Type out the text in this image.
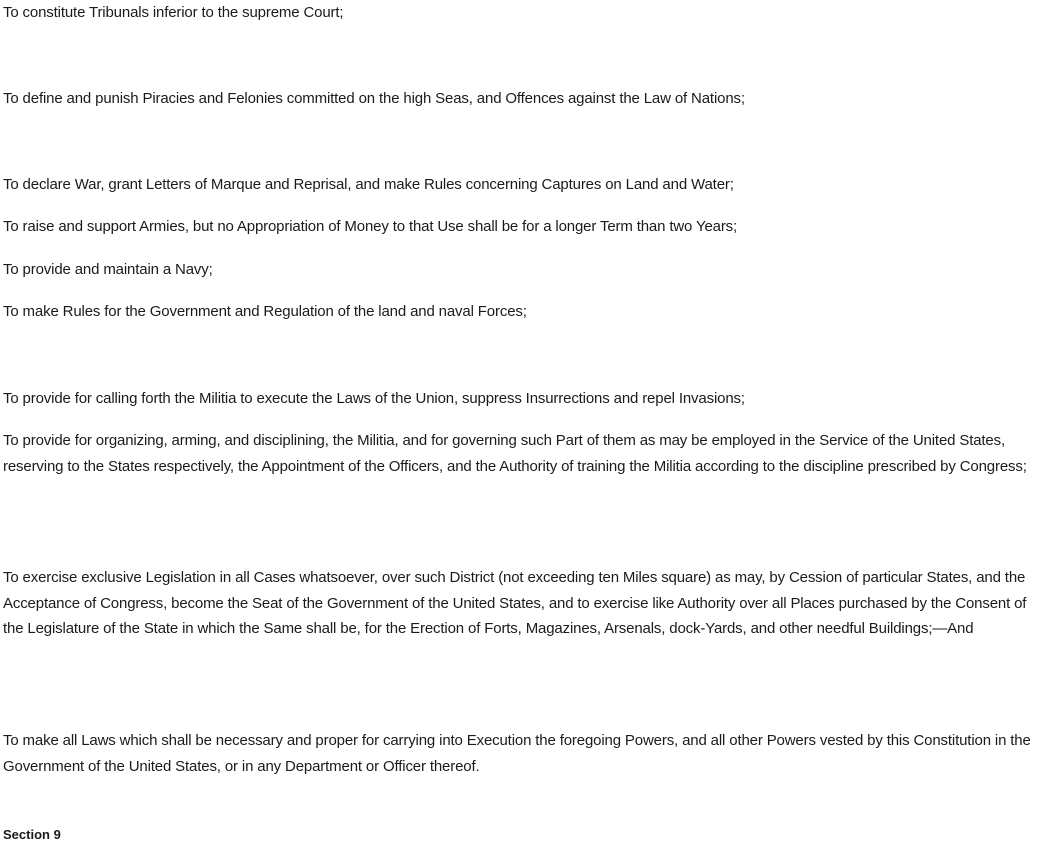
To constitute Tribunals inferior to the supreme Court;

To define and punish Piracies and Felonies committed on the high Seas, and Offences against the Law of Nations;

To declare War, grant Letters of Marque and Reprisal, and make Rules concerning Captures on Land and Water;

To raise and support Armies, but no Appropriation of Money to that Use shall be for a longer Term than two Years;

To provide and maintain a Navy;

To make Rules for the Government and Regulation of the land and naval Forces;

To provide for calling forth the Militia to execute the Laws of the Union, suppress Insurrections and repel Invasions;

To provide for organizing, arming, and disciplining, the Militia, and for governing such Part of them as may be employed in the Service of the United States, reserving to the States respectively, the Appointment of the Officers, and the Authority of training the Militia according to the discipline prescribed by Congress;

To exercise exclusive Legislation in all Cases whatsoever, over such District (not exceeding ten Miles square) as may, by Cession of particular States, and the Acceptance of Congress, become the Seat of the Government of the United States, and to exercise like Authority over all Places purchased by the Consent of the Legislature of the State in which the Same shall be, for the Erection of Forts, Magazines, Arsenals, dock-Yards, and other needful Buildings;—And

To make all Laws which shall be necessary and proper for carrying into Execution the foregoing Powers, and all other Powers vested by this Constitution in the Government of the United States, or in any Department or Officer thereof.

Section 9
